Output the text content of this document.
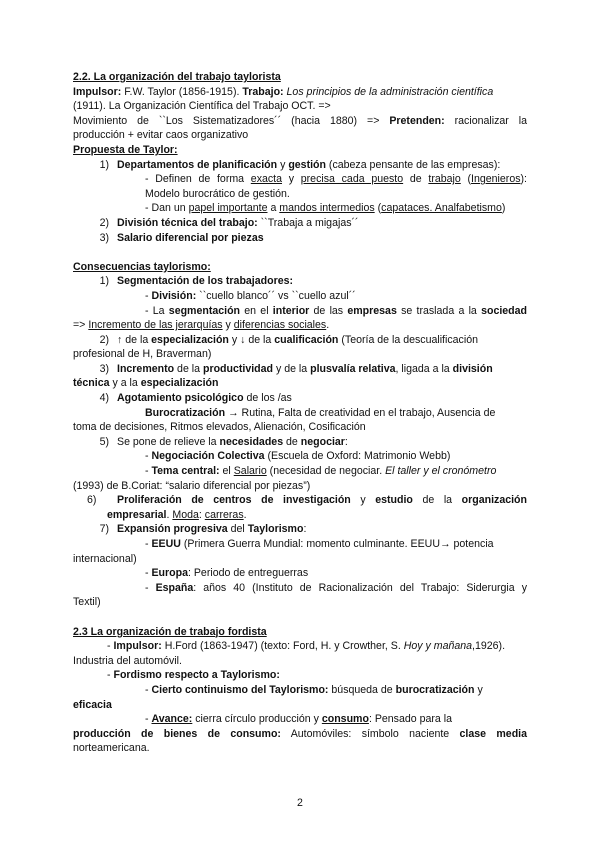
2.2. La organización del trabajo taylorista

Impulsor: F.W. Taylor (1856-1915). Trabajo: Los principios de la administración científica

(1911). La Organización Científica del Trabajo OCT. =>

Movimiento de ``Los Sistematizadores´´ (hacia 1880) => Pretenden: racionalizar la

producción + evitar caos organizativo

Propuesta de Taylor:

1) Departamentos de planificación y gestión (cabeza pensante de las empresas):

- Definen de forma exacta y precisa cada puesto de trabajo (Ingenieros):

Modelo burocrático de gestión.

- Dan un papel importante a mandos intermedios (capataces. Analfabetismo)

2) División técnica del trabajo: ``Trabaja a migajas´´

3) Salario diferencial por piezas

Consecuencias taylorismo:

1) Segmentación de los trabajadores:

- División: ``cuello blanco´´ vs ``cuello azul´´

- La segmentación en el interior de las empresas se traslada a la sociedad

=> Incremento de las jerarquías y diferencias sociales.

2) ↑ de la especialización y ↓ de la cualificación (Teoría de la descualificación

profesional de H, Braverman)

3) Incremento de la productividad y de la plusvalía relativa, ligada a la división

técnica y a la especialización

4) Agotamiento psicológico de los /as

Burocratización → Rutina, Falta de creatividad en el trabajo, Ausencia de

toma de decisiones, Ritmos elevados, Alienación, Cosificación

5) Se pone de relieve la necesidades de negociar:

- Negociación Colectiva (Escuela de Oxford: Matrimonio Webb)

- Tema central: el Salario (necesidad de negociar. El taller y el cronómetro

(1993) de B.Coriat: “salario diferencial por piezas”)

6) Proliferación de centros de investigación y estudio de la organización

empresarial. Moda: carreras.

7) Expansión progresiva del Taylorismo:

- EEUU (Primera Guerra Mundial: momento culminante. EEUU→ potencia

internacional)

- Europa: Periodo de entreguerras

- España: años 40 (Instituto de Racionalización del Trabajo: Siderurgia y

Textil)

2.3 La organización de trabajo fordista

- Impulsor: H.Ford (1863-1947) (texto: Ford, H. y Crowther, S. Hoy y mañana,1926).

Industria del automóvil.

- Fordismo respecto a Taylorismo:

- Cierto continuismo del Taylorismo: búsqueda de burocratización y

eficacia

- Avance: cierra círculo producción y consumo: Pensado para la

producción de bienes de consumo: Automóviles: símbolo naciente clase media

norteamericana.

2
